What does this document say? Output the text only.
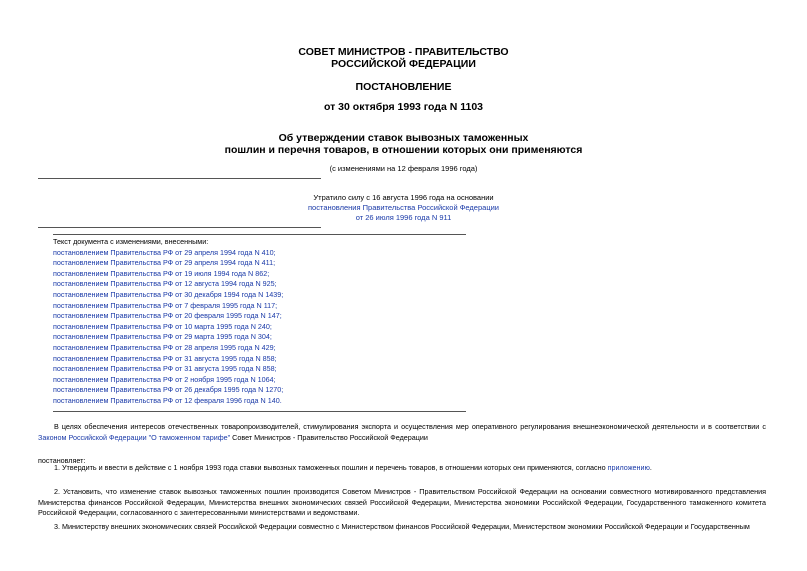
СОВЕТ МИНИСТРОВ - ПРАВИТЕЛЬСТВО
РОССИЙСКОЙ ФЕДЕРАЦИИ
ПОСТАНОВЛЕНИЕ
от 30 октября 1993 года N 1103
Об утверждении ставок вывозных таможенных
пошлин и перечня товаров, в отношении которых они применяются
(с изменениями на 12 февраля 1996 года)
Утратило силу с 16 августа 1996 года на основании
постановления Правительства Российской Федерации
от 26 июля 1996 года N 911
Текст документа с изменениями, внесенными:
постановлением Правительства РФ от 29 апреля 1994 года N 410;
постановлением Правительства РФ от 29 апреля 1994 года N 411;
постановлением Правительства РФ от 19 июля 1994 года N 862;
постановлением Правительства РФ от 12 августа 1994 года N 925;
постановлением Правительства РФ от 30 декабря 1994 года N 1439;
постановлением Правительства РФ от 7 февраля 1995 года N 117;
постановлением Правительства РФ от 20 февраля 1995 года N 147;
постановлением Правительства РФ от 10 марта 1995 года N 240;
постановлением Правительства РФ от 29 марта 1995 года N 304;
постановлением Правительства РФ от 28 апреля 1995 года N 429;
постановлением Правительства РФ от 31 августа 1995 года N 858;
постановлением Правительства РФ от 31 августа 1995 года N 858;
постановлением Правительства РФ от 2 ноября 1995 года N 1064;
постановлением Правительства РФ от 26 декабря 1995 года N 1270;
постановлением Правительства РФ от 12 февраля 1996 года N 140.
В целях обеспечения интересов отечественных товаропроизводителей, стимулирования экспорта и осуществления мер оперативного регулирования внешнеэкономической деятельности и в соответствии с Законом Российской Федерации "О таможенном тарифе" Совет Министров - Правительство Российской Федерации
постановляет:
1. Утвердить и ввести в действие с 1 ноября 1993 года ставки вывозных таможенных пошлин и перечень товаров, в отношении которых они применяются, согласно приложению.
2. Установить, что изменение ставок вывозных таможенных пошлин производится Советом Министров - Правительством Российской Федерации на основании совместного мотивированного представления Министерства финансов Российской Федерации, Министерства внешних экономических связей Российской Федерации, Министерства экономики Российской Федерации, Государственного таможенного комитета Российской Федерации, согласованного с заинтересованными министерствами и ведомствами.
3. Министерству внешних экономических связей Российской Федерации совместно с Министерством финансов Российской Федерации, Министерством экономики Российской Федерации и Государственным
